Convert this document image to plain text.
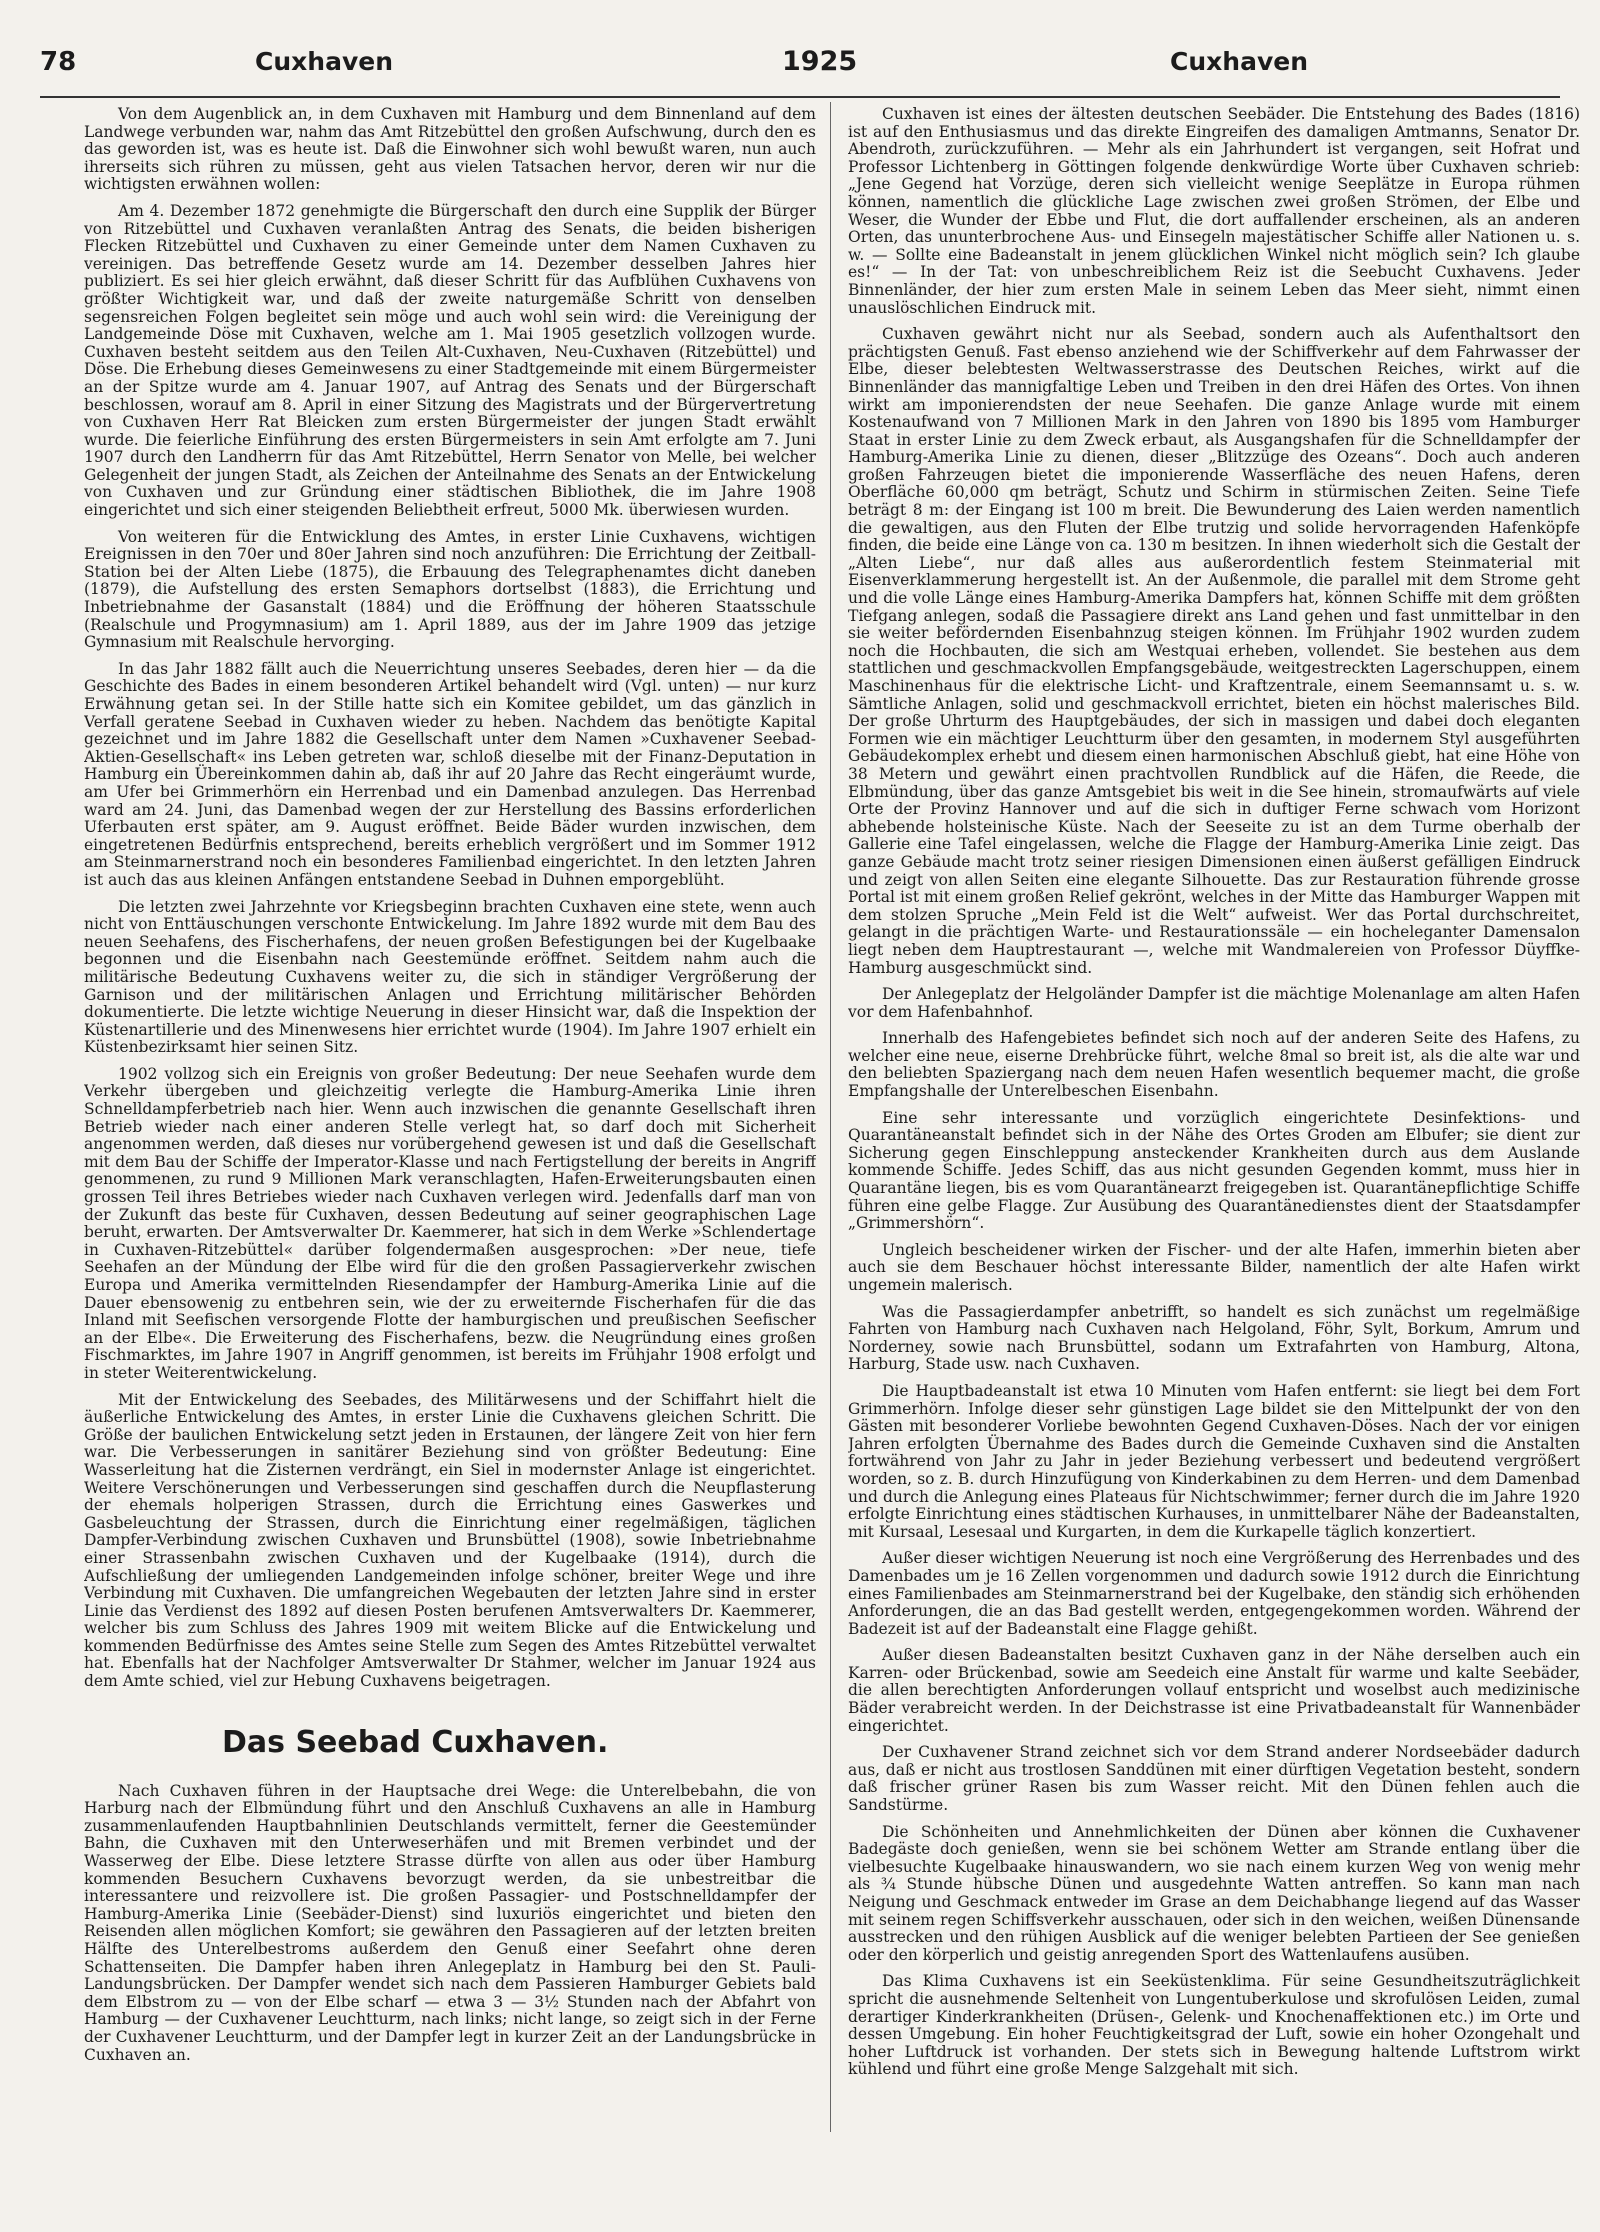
78	Cuxhaven	1925	Cuxhaven

Von dem Augenblick an, in dem Cuxhaven mit Hamburg und dem Binnenland auf dem Landwege verbunden war, nahm das Amt Ritzebüttel den großen Aufschwung, durch den es das geworden ist, was es heute ist. Daß die Einwohner sich wohl bewußt waren, nun auch ihrerseits sich rühren zu müssen, geht aus vielen Tatsachen hervor, deren wir nur die wichtigsten erwähnen wollen:

Am 4. Dezember 1872 genehmigte die Bürgerschaft den durch eine Supplik der Bürger von Ritzebüttel und Cuxhaven veranlaßten Antrag des Senats, die beiden bisherigen Flecken Ritzebüttel und Cuxhaven zu einer Gemeinde unter dem Namen Cuxhaven zu vereinigen. Das betreffende Gesetz wurde am 14. Dezember desselben Jahres hier publiziert. Es sei hier gleich erwähnt, daß dieser Schritt für das Aufblühen Cuxhavens von größter Wichtigkeit war, und daß der zweite naturgemäße Schritt von denselben segensreichen Folgen begleitet sein möge und auch wohl sein wird: die Vereinigung der Landgemeinde Döse mit Cuxhaven, welche am 1. Mai 1905 gesetzlich vollzogen wurde. Cuxhaven besteht seitdem aus den Teilen Alt-Cuxhaven, Neu-Cuxhaven (Ritzebüttel) und Döse. Die Erhebung dieses Gemeinwesens zu einer Stadtgemeinde mit einem Bürgermeister an der Spitze wurde am 4. Januar 1907, auf Antrag des Senats und der Bürgerschaft beschlossen, worauf am 8. April in einer Sitzung des Magistrats und der Bürgervertretung von Cuxhaven Herr Rat Bleicken zum ersten Bürgermeister der jungen Stadt erwählt wurde. Die feierliche Einführung des ersten Bürgermeisters in sein Amt erfolgte am 7. Juni 1907 durch den Landherrn für das Amt Ritzebüttel, Herrn Senator von Melle, bei welcher Gelegenheit der jungen Stadt, als Zeichen der Anteilnahme des Senats an der Entwickelung von Cuxhaven und zur Gründung einer städtischen Bibliothek, die im Jahre 1908 eingerichtet und sich einer steigenden Beliebtheit erfreut, 5000 Mk. überwiesen wurden.

Von weiteren für die Entwicklung des Amtes, in erster Linie Cuxhavens, wichtigen Ereignissen in den 70er und 80er Jahren sind noch anzuführen: Die Errichtung der Zeitball-Station bei der Alten Liebe (1875), die Erbauung des Telegraphenamtes dicht daneben (1879), die Aufstellung des ersten Semaphors dortselbst (1883), die Errichtung und Inbetriebnahme der Gasanstalt (1884) und die Eröffnung der höheren Staatsschule (Realschule und Progymnasium) am 1. April 1889, aus der im Jahre 1909 das jetzige Gymnasium mit Realschule hervorging.

In das Jahr 1882 fällt auch die Neuerrichtung unseres Seebades, deren hier — da die Geschichte des Bades in einem besonderen Artikel behandelt wird (Vgl. unten) — nur kurz Erwähnung getan sei. In der Stille hatte sich ein Komitee gebildet, um das gänzlich in Verfall geratene Seebad in Cuxhaven wieder zu heben. Nachdem das benötigte Kapital gezeichnet und im Jahre 1882 die Gesellschaft unter dem Namen »Cuxhavener Seebad-Aktien-Gesellschaft« ins Leben getreten war, schloß dieselbe mit der Finanz-Deputation in Hamburg ein Übereinkommen dahin ab, daß ihr auf 20 Jahre das Recht eingeräumt wurde, am Ufer bei Grimmerhörn ein Herrenbad und ein Damenbad anzulegen. Das Herrenbad ward am 24. Juni, das Damenbad wegen der zur Herstellung des Bassins erforderlichen Uferbauten erst später, am 9. August eröffnet. Beide Bäder wurden inzwischen, dem eingetretenen Bedürfnis entsprechend, bereits erheblich vergrößert und im Sommer 1912 am Steinmarnerstrand noch ein besonderes Familienbad eingerichtet. In den letzten Jahren ist auch das aus kleinen Anfängen entstandene Seebad in Duhnen emporgeblüht.

Die letzten zwei Jahrzehnte vor Kriegsbeginn brachten Cuxhaven eine stete, wenn auch nicht von Enttäuschungen verschonte Entwickelung. Im Jahre 1892 wurde mit dem Bau des neuen Seehafens, des Fischerhafens, der neuen großen Befestigungen bei der Kugelbaake begonnen und die Eisenbahn nach Geestemünde eröffnet. Seitdem nahm auch die militärische Bedeutung Cuxhavens weiter zu, die sich in ständiger Vergrößerung der Garnison und der militärischen Anlagen und Errichtung militärischer Behörden dokumentierte. Die letzte wichtige Neuerung in dieser Hinsicht war, daß die Inspektion der Küstenartillerie und des Minenwesens hier errichtet wurde (1904). Im Jahre 1907 erhielt ein Küstenbezirksamt hier seinen Sitz.

1902 vollzog sich ein Ereignis von großer Bedeutung: Der neue Seehafen wurde dem Verkehr übergeben und gleichzeitig verlegte die Hamburg-Amerika Linie ihren Schnelldampferbetrieb nach hier. Wenn auch inzwischen die genannte Gesellschaft ihren Betrieb wieder nach einer anderen Stelle verlegt hat, so darf doch mit Sicherheit angenommen werden, daß dieses nur vorübergehend gewesen ist und daß die Gesellschaft mit dem Bau der Schiffe der Imperator-Klasse und nach Fertigstellung der bereits in Angriff genommenen, zu rund 9 Millionen Mark veranschlagten, Hafen-Erweiterungsbauten einen grossen Teil ihres Betriebes wieder nach Cuxhaven verlegen wird. Jedenfalls darf man von der Zukunft das beste für Cuxhaven, dessen Bedeutung auf seiner geographischen Lage beruht, erwarten. Der Amtsverwalter Dr. Kaemmerer, hat sich in dem Werke »Schlendertage in Cuxhaven-Ritzebüttel« darüber folgendermaßen ausgesprochen: »Der neue, tiefe Seehafen an der Mündung der Elbe wird für die den großen Passagierverkehr zwischen Europa und Amerika vermittelnden Riesendampfer der Hamburg-Amerika Linie auf die Dauer ebensowenig zu entbehren sein, wie der zu erweiternde Fischerhafen für die das Inland mit Seefischen versorgende Flotte der hamburgischen und preußischen Seefischer an der Elbe«. Die Erweiterung des Fischerhafens, bezw. die Neugründung eines großen Fischmarktes, im Jahre 1907 in Angriff genommen, ist bereits im Frühjahr 1908 erfolgt und in steter Weiterentwickelung.

Mit der Entwickelung des Seebades, des Militärwesens und der Schiffahrt hielt die äußerliche Entwickelung des Amtes, in erster Linie die Cuxhavens gleichen Schritt. Die Größe der baulichen Entwickelung setzt jeden in Erstaunen, der längere Zeit von hier fern war. Die Verbesserungen in sanitärer Beziehung sind von größter Bedeutung: Eine Wasserleitung hat die Zisternen verdrängt, ein Siel in modernster Anlage ist eingerichtet. Weitere Verschönerungen und Verbesserungen sind geschaffen durch die Neupflasterung der ehemals holperigen Strassen, durch die Errichtung eines Gaswerkes und Gasbeleuchtung der Strassen, durch die Einrichtung einer regelmäßigen, täglichen Dampfer-Verbindung zwischen Cuxhaven und Brunsbüttel (1908), sowie Inbetriebnahme einer Strassenbahn zwischen Cuxhaven und der Kugelbaake (1914), durch die Aufschließung der umliegenden Landgemeinden infolge schöner, breiter Wege und ihre Verbindung mit Cuxhaven. Die umfangreichen Wegebauten der letzten Jahre sind in erster Linie das Verdienst des 1892 auf diesen Posten berufenen Amtsverwalters Dr. Kaemmerer, welcher bis zum Schluss des Jahres 1909 mit weitem Blicke auf die Entwickelung und kommenden Bedürfnisse des Amtes seine Stelle zum Segen des Amtes Ritzebüttel verwaltet hat. Ebenfalls hat der Nachfolger Amtsverwalter Dr Stahmer, welcher im Januar 1924 aus dem Amte schied, viel zur Hebung Cuxhavens beigetragen.

Das Seebad Cuxhaven.

Nach Cuxhaven führen in der Hauptsache drei Wege: die Unterelbebahn, die von Harburg nach der Elbmündung führt und den Anschluß Cuxhavens an alle in Hamburg zusammenlaufenden Hauptbahnlinien Deutschlands vermittelt, ferner die Geestemünder Bahn, die Cuxhaven mit den Unterweserhäfen und mit Bremen verbindet und der Wasserweg der Elbe. Diese letztere Strasse dürfte von allen aus oder über Hamburg kommenden Besuchern Cuxhavens bevorzugt werden, da sie unbestreitbar die interessantere und reizvollere ist. Die großen Passagier- und Postschnelldampfer der Hamburg-Amerika Linie (Seebäder-Dienst) sind luxuriös eingerichtet und bieten den Reisenden allen möglichen Komfort; sie gewähren den Passagieren auf der letzten breiten Hälfte des Unterelbestroms außerdem den Genuß einer Seefahrt ohne deren Schattenseiten. Die Dampfer haben ihren Anlegeplatz in Hamburg bei den St. Pauli-Landungsbrücken. Der Dampfer wendet sich nach dem Passieren Hamburger Gebiets bald dem Elbstrom zu — von der Elbe scharf — etwa 3 — 3½ Stunden nach der Abfahrt von Hamburg — der Cuxhavener Leuchtturm, nach links; nicht lange, so zeigt sich in der Ferne der Cuxhavener Leuchtturm, und der Dampfer legt in kurzer Zeit an der Landungsbrücke in Cuxhaven an.

Cuxhaven ist eines der ältesten deutschen Seebäder. Die Entstehung des Bades (1816) ist auf den Enthusiasmus und das direkte Eingreifen des damaligen Amtmanns, Senator Dr. Abendroth, zurückzuführen. — Mehr als ein Jahrhundert ist vergangen, seit Hofrat und Professor Lichtenberg in Göttingen folgende denkwürdige Worte über Cuxhaven schrieb: „Jene Gegend hat Vorzüge, deren sich vielleicht wenige Seeplätze in Europa rühmen können, namentlich die glückliche Lage zwischen zwei großen Strömen, der Elbe und Weser, die Wunder der Ebbe und Flut, die dort auffallender erscheinen, als an anderen Orten, das ununterbrochene Aus- und Einsegeln majestätischer Schiffe aller Nationen u. s. w. — Sollte eine Badeanstalt in jenem glücklichen Winkel nicht möglich sein? Ich glaube es!“ — In der Tat: von unbeschreiblichem Reiz ist die Seebucht Cuxhavens. Jeder Binnenländer, der hier zum ersten Male in seinem Leben das Meer sieht, nimmt einen unauslöschlichen Eindruck mit.

Cuxhaven gewährt nicht nur als Seebad, sondern auch als Aufenthaltsort den prächtigsten Genuß. Fast ebenso anziehend wie der Schiffverkehr auf dem Fahrwasser der Elbe, dieser belebtesten Weltwasserstrasse des Deutschen Reiches, wirkt auf die Binnenländer das mannigfaltige Leben und Treiben in den drei Häfen des Ortes. Von ihnen wirkt am imponierendsten der neue Seehafen. Die ganze Anlage wurde mit einem Kostenaufwand von 7 Millionen Mark in den Jahren von 1890 bis 1895 vom Hamburger Staat in erster Linie zu dem Zweck erbaut, als Ausgangshafen für die Schnelldampfer der Hamburg-Amerika Linie zu dienen, dieser „Blitzzüge des Ozeans“. Doch auch anderen großen Fahrzeugen bietet die imponierende Wasserfläche des neuen Hafens, deren Oberfläche 60,000 qm beträgt, Schutz und Schirm in stürmischen Zeiten. Seine Tiefe beträgt 8 m: der Eingang ist 100 m breit. Die Bewunderung des Laien werden namentlich die gewaltigen, aus den Fluten der Elbe trutzig und solide hervorragenden Hafenköpfe finden, die beide eine Länge von ca. 130 m besitzen. In ihnen wiederholt sich die Gestalt der „Alten Liebe“, nur daß alles aus außerordentlich festem Steinmaterial mit Eisenverklammerung hergestellt ist. An der Außenmole, die parallel mit dem Strome geht und die volle Länge eines Hamburg-Amerika Dampfers hat, können Schiffe mit dem größten Tiefgang anlegen, sodaß die Passagiere direkt ans Land gehen und fast unmittelbar in den sie weiter befördernden Eisenbahnzug steigen können. Im Frühjahr 1902 wurden zudem noch die Hochbauten, die sich am Westquai erheben, vollendet. Sie bestehen aus dem stattlichen und geschmackvollen Empfangsgebäude, weitgestreckten Lagerschuppen, einem Maschinenhaus für die elektrische Licht- und Kraftzentrale, einem Seemannsamt u. s. w. Sämtliche Anlagen, solid und geschmackvoll errichtet, bieten ein höchst malerisches Bild. Der große Uhrturm des Hauptgebäudes, der sich in massigen und dabei doch eleganten Formen wie ein mächtiger Leuchtturm über den gesamten, in modernem Styl ausgeführten Gebäudekomplex erhebt und diesem einen harmonischen Abschluß giebt, hat eine Höhe von 38 Metern und gewährt einen prachtvollen Rundblick auf die Häfen, die Reede, die Elbmündung, über das ganze Amtsgebiet bis weit in die See hinein, stromaufwärts auf viele Orte der Provinz Hannover und auf die sich in duftiger Ferne schwach vom Horizont abhebende holsteinische Küste. Nach der Seeseite zu ist an dem Turme oberhalb der Gallerie eine Tafel eingelassen, welche die Flagge der Hamburg-Amerika Linie zeigt. Das ganze Gebäude macht trotz seiner riesigen Dimensionen einen äußerst gefälligen Eindruck und zeigt von allen Seiten eine elegante Silhouette. Das zur Restauration führende grosse Portal ist mit einem großen Relief gekrönt, welches in der Mitte das Hamburger Wappen mit dem stolzen Spruche „Mein Feld ist die Welt“ aufweist. Wer das Portal durchschreitet, gelangt in die prächtigen Warte- und Restaurationssäle — ein hocheleganter Damensalon liegt neben dem Hauptrestaurant —, welche mit Wandmalereien von Professor Düyffke-Hamburg ausgeschmückt sind.

Der Anlegeplatz der Helgoländer Dampfer ist die mächtige Molenanlage am alten Hafen vor dem Hafenbahnhof.

Innerhalb des Hafengebietes befindet sich noch auf der anderen Seite des Hafens, zu welcher eine neue, eiserne Drehbrücke führt, welche 8mal so breit ist, als die alte war und den beliebten Spaziergang nach dem neuen Hafen wesentlich bequemer macht, die große Empfangshalle der Unterelbeschen Eisenbahn.

Eine sehr interessante und vorzüglich eingerichtete Desinfektions- und Quarantäneanstalt befindet sich in der Nähe des Ortes Groden am Elbufer; sie dient zur Sicherung gegen Einschleppung ansteckender Krankheiten durch aus dem Auslande kommende Schiffe. Jedes Schiff, das aus nicht gesunden Gegenden kommt, muss hier in Quarantäne liegen, bis es vom Quarantänearzt freigegeben ist. Quarantänepflichtige Schiffe führen eine gelbe Flagge. Zur Ausübung des Quarantänedienstes dient der Staatsdampfer „Grimmershörn“.

Ungleich bescheidener wirken der Fischer- und der alte Hafen, immerhin bieten aber auch sie dem Beschauer höchst interessante Bilder, namentlich der alte Hafen wirkt ungemein malerisch.

Was die Passagierdampfer anbetrifft, so handelt es sich zunächst um regelmäßige Fahrten von Hamburg nach Cuxhaven nach Helgoland, Föhr, Sylt, Borkum, Amrum und Norderney, sowie nach Brunsbüttel, sodann um Extrafahrten von Hamburg, Altona, Harburg, Stade usw. nach Cuxhaven.

Die Hauptbadeanstalt ist etwa 10 Minuten vom Hafen entfernt: sie liegt bei dem Fort Grimmerhörn. Infolge dieser sehr günstigen Lage bildet sie den Mittelpunkt der von den Gästen mit besonderer Vorliebe bewohnten Gegend Cuxhaven-Döses. Nach der vor einigen Jahren erfolgten Übernahme des Bades durch die Gemeinde Cuxhaven sind die Anstalten fortwährend von Jahr zu Jahr in jeder Beziehung verbessert und bedeutend vergrößert worden, so z. B. durch Hinzufügung von Kinderkabinen zu dem Herren- und dem Damenbad und durch die Anlegung eines Plateaus für Nichtschwimmer; ferner durch die im Jahre 1920 erfolgte Einrichtung eines städtischen Kurhauses, in unmittelbarer Nähe der Badeanstalten, mit Kursaal, Lesesaal und Kurgarten, in dem die Kurkapelle täglich konzertiert.

Außer dieser wichtigen Neuerung ist noch eine Vergrößerung des Herrenbades und des Damenbades um je 16 Zellen vorgenommen und dadurch sowie 1912 durch die Einrichtung eines Familienbades am Steinmarnerstrand bei der Kugelbake, den ständig sich erhöhenden Anforderungen, die an das Bad gestellt werden, entgegengekommen worden. Während der Badezeit ist auf der Badeanstalt eine Flagge gehißt.

Außer diesen Badeanstalten besitzt Cuxhaven ganz in der Nähe derselben auch ein Karren- oder Brückenbad, sowie am Seedeich eine Anstalt für warme und kalte Seebäder, die allen berechtigten Anforderungen vollauf entspricht und woselbst auch medizinische Bäder verabreicht werden. In der Deichstrasse ist eine Privatbadeanstalt für Wannenbäder eingerichtet.

Der Cuxhavener Strand zeichnet sich vor dem Strand anderer Nordseebäder dadurch aus, daß er nicht aus trostlosen Sanddünen mit einer dürftigen Vegetation besteht, sondern daß frischer grüner Rasen bis zum Wasser reicht. Mit den Dünen fehlen auch die Sandstürme.

Die Schönheiten und Annehmlichkeiten der Dünen aber können die Cuxhavener Badegäste doch genießen, wenn sie bei schönem Wetter am Strande entlang über die vielbesuchte Kugelbaake hinauswandern, wo sie nach einem kurzen Weg von wenig mehr als ¾ Stunde hübsche Dünen und ausgedehnte Watten antreffen. So kann man nach Neigung und Geschmack entweder im Grase an dem Deichabhange liegend auf das Wasser mit seinem regen Schiffsverkehr ausschauen, oder sich in den weichen, weißen Dünensande ausstrecken und den rühigen Ausblick auf die weniger belebten Partieen der See genießen oder den körperlich und geistig anregenden Sport des Wattenlaufens ausüben.

Das Klima Cuxhavens ist ein Seeküstenklima. Für seine Gesundheitszuträglichkeit spricht die ausnehmende Seltenheit von Lungentuberkulose und skrofulösen Leiden, zumal derartiger Kinderkrankheiten (Drüsen-, Gelenk- und Knochenaffektionen etc.) im Orte und dessen Umgebung. Ein hoher Feuchtigkeitsgrad der Luft, sowie ein hoher Ozongehalt und hoher Luftdruck ist vorhanden. Der stets sich in Bewegung haltende Luftstrom wirkt kühlend und führt eine große Menge Salzgehalt mit sich.
